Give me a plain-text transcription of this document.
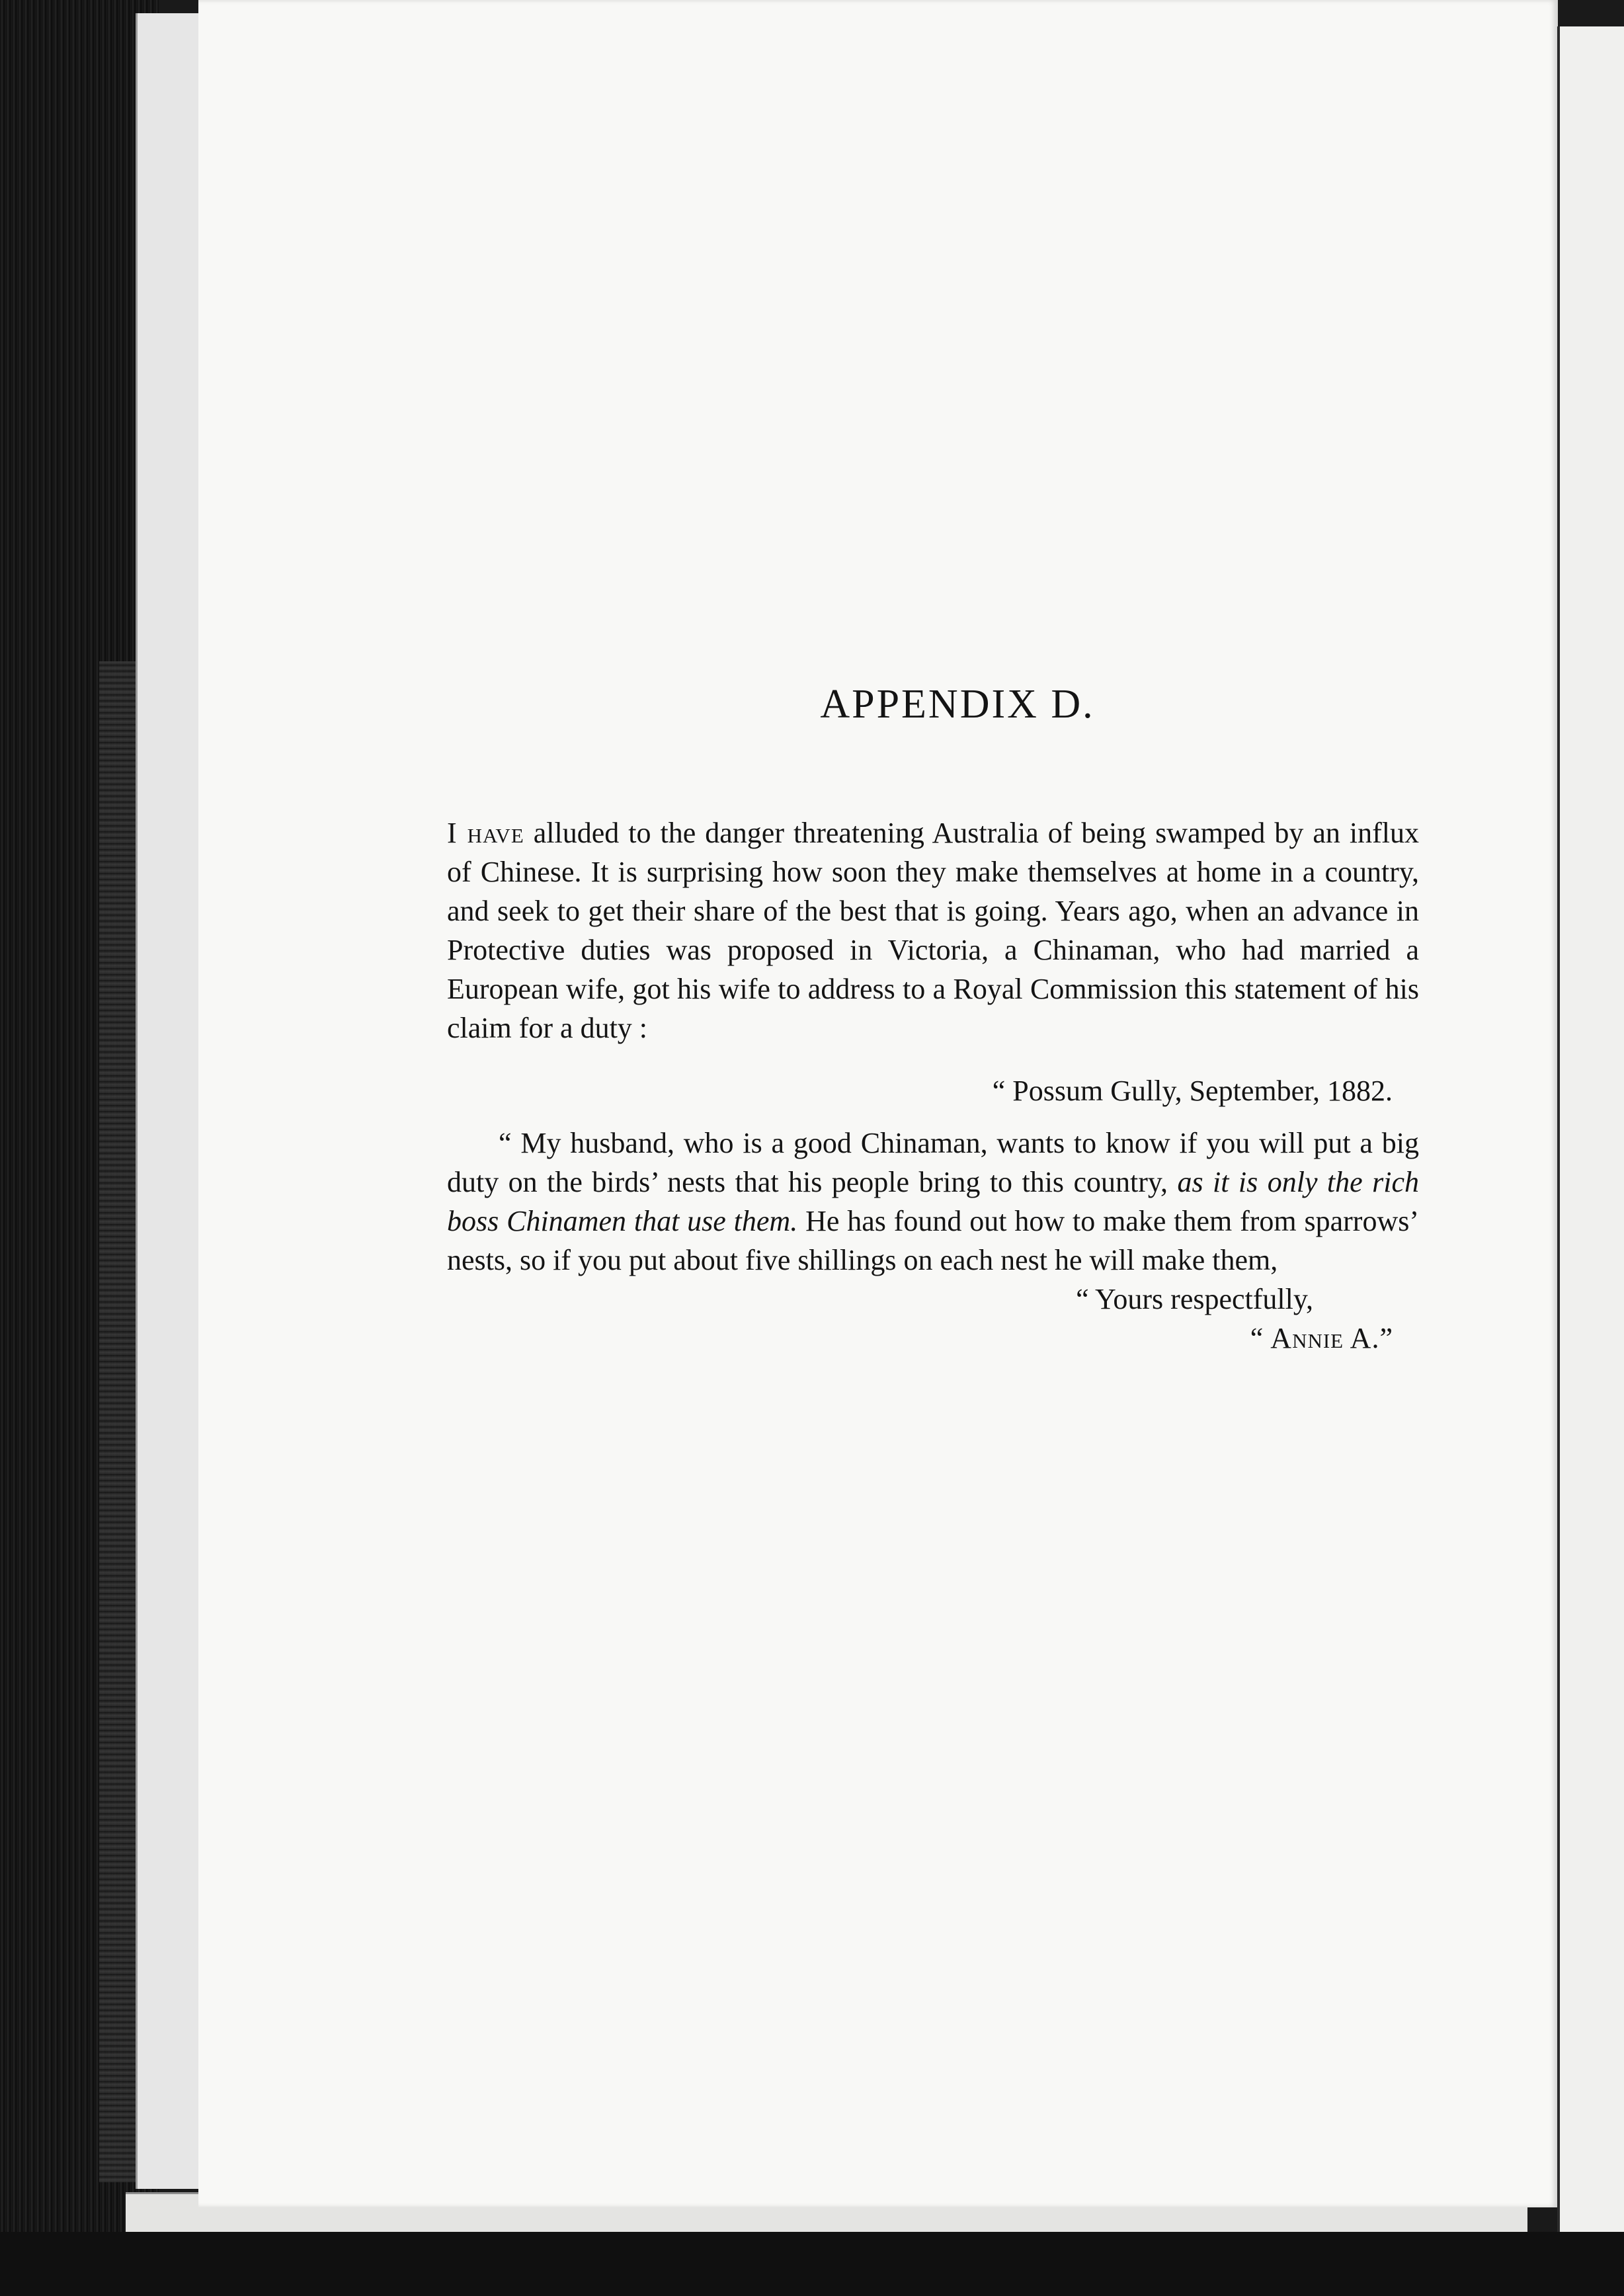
APPENDIX D.

I have alluded to the danger threatening Australia of being swamped by an influx of Chinese. It is surprising how soon they make themselves at home in a country, and seek to get their share of the best that is going. Years ago, when an advance in Protective duties was proposed in Victoria, a Chinaman, who had married a European wife, got his wife to address to a Royal Commission this statement of his claim for a duty :

“ Possum Gully, September, 1882.

“ My husband, who is a good Chinaman, wants to know if you will put a big duty on the birds’ nests that his people bring to this country, as it is only the rich boss Chinamen that use them. He has found out how to make them from sparrows’ nests, so if you put about five shillings on each nest he will make them,

“ Yours respectfully,

“ Annie A.”
